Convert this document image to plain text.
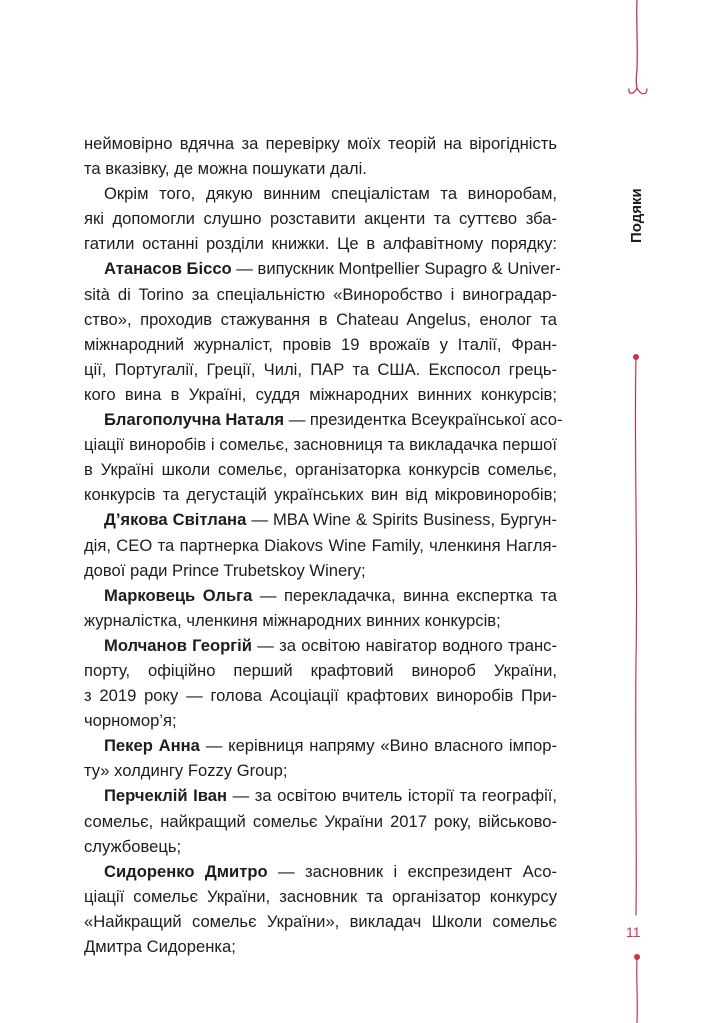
Подяки
неймовірно вдячна за перевірку моїх теорій на вірогідність
та вказівку, де можна пошукати далі.
Окрім того, дякую винним спеціалістам та виноробам,
які допомогли слушно розставити акценти та суттєво зба-
гатили останні розділи книжки. Це в алфавітному порядку:
Атанасов Біссо — випускник Montpellier Supagro & Univer-
sità di Torino за спеціальністю «Виноробство і виноградар-
ство», проходив стажування в Chateau Angelus, енолог та
міжнародний журналіст, провів 19 врожаїв у Італії, Фран-
ції, Португалії, Греції, Чилі, ПАР та США. Експосол грець-
кого вина в Україні, суддя міжнародних винних конкурсів;
Благополучна Наталя — президентка Всеукраїнської асо-
ціації виноробів і сомельє, засновниця та викладачка першої
в Україні школи сомельє, організаторка конкурсів сомельє,
конкурсів та дегустацій українських вин від мікровиноробів;
Д’якова Світлана — MBA Wine & Spirits Business, Бургун-
дія, CEO та партнерка Diakovs Wine Family, членкиня Нагля-
дової ради Prince Trubetskoy Winery;
Марковець Ольга — перекладачка, винна експертка та
журналістка, членкиня міжнародних винних конкурсів;
Молчанов Георгій — за освітою навігатор водного транс-
порту, офіційно перший крафтовий винороб України,
з 2019 року — голова Асоціації крафтових виноробів При-
чорномор’я;
Пекер Анна — керівниця напряму «Вино власного імпор-
ту» холдингу Fozzy Group;
Перчеклій Іван — за освітою вчитель історії та географії,
сомельє, найкращий сомельє України 2017 року, військово-
службовець;
Сидоренко Дмитро — засновник і експрезидент Асо-
ціації сомельє України, засновник та організатор конкурсу
«Найкращий сомельє України», викладач Школи сомельє
Дмитра Сидоренка;
11
